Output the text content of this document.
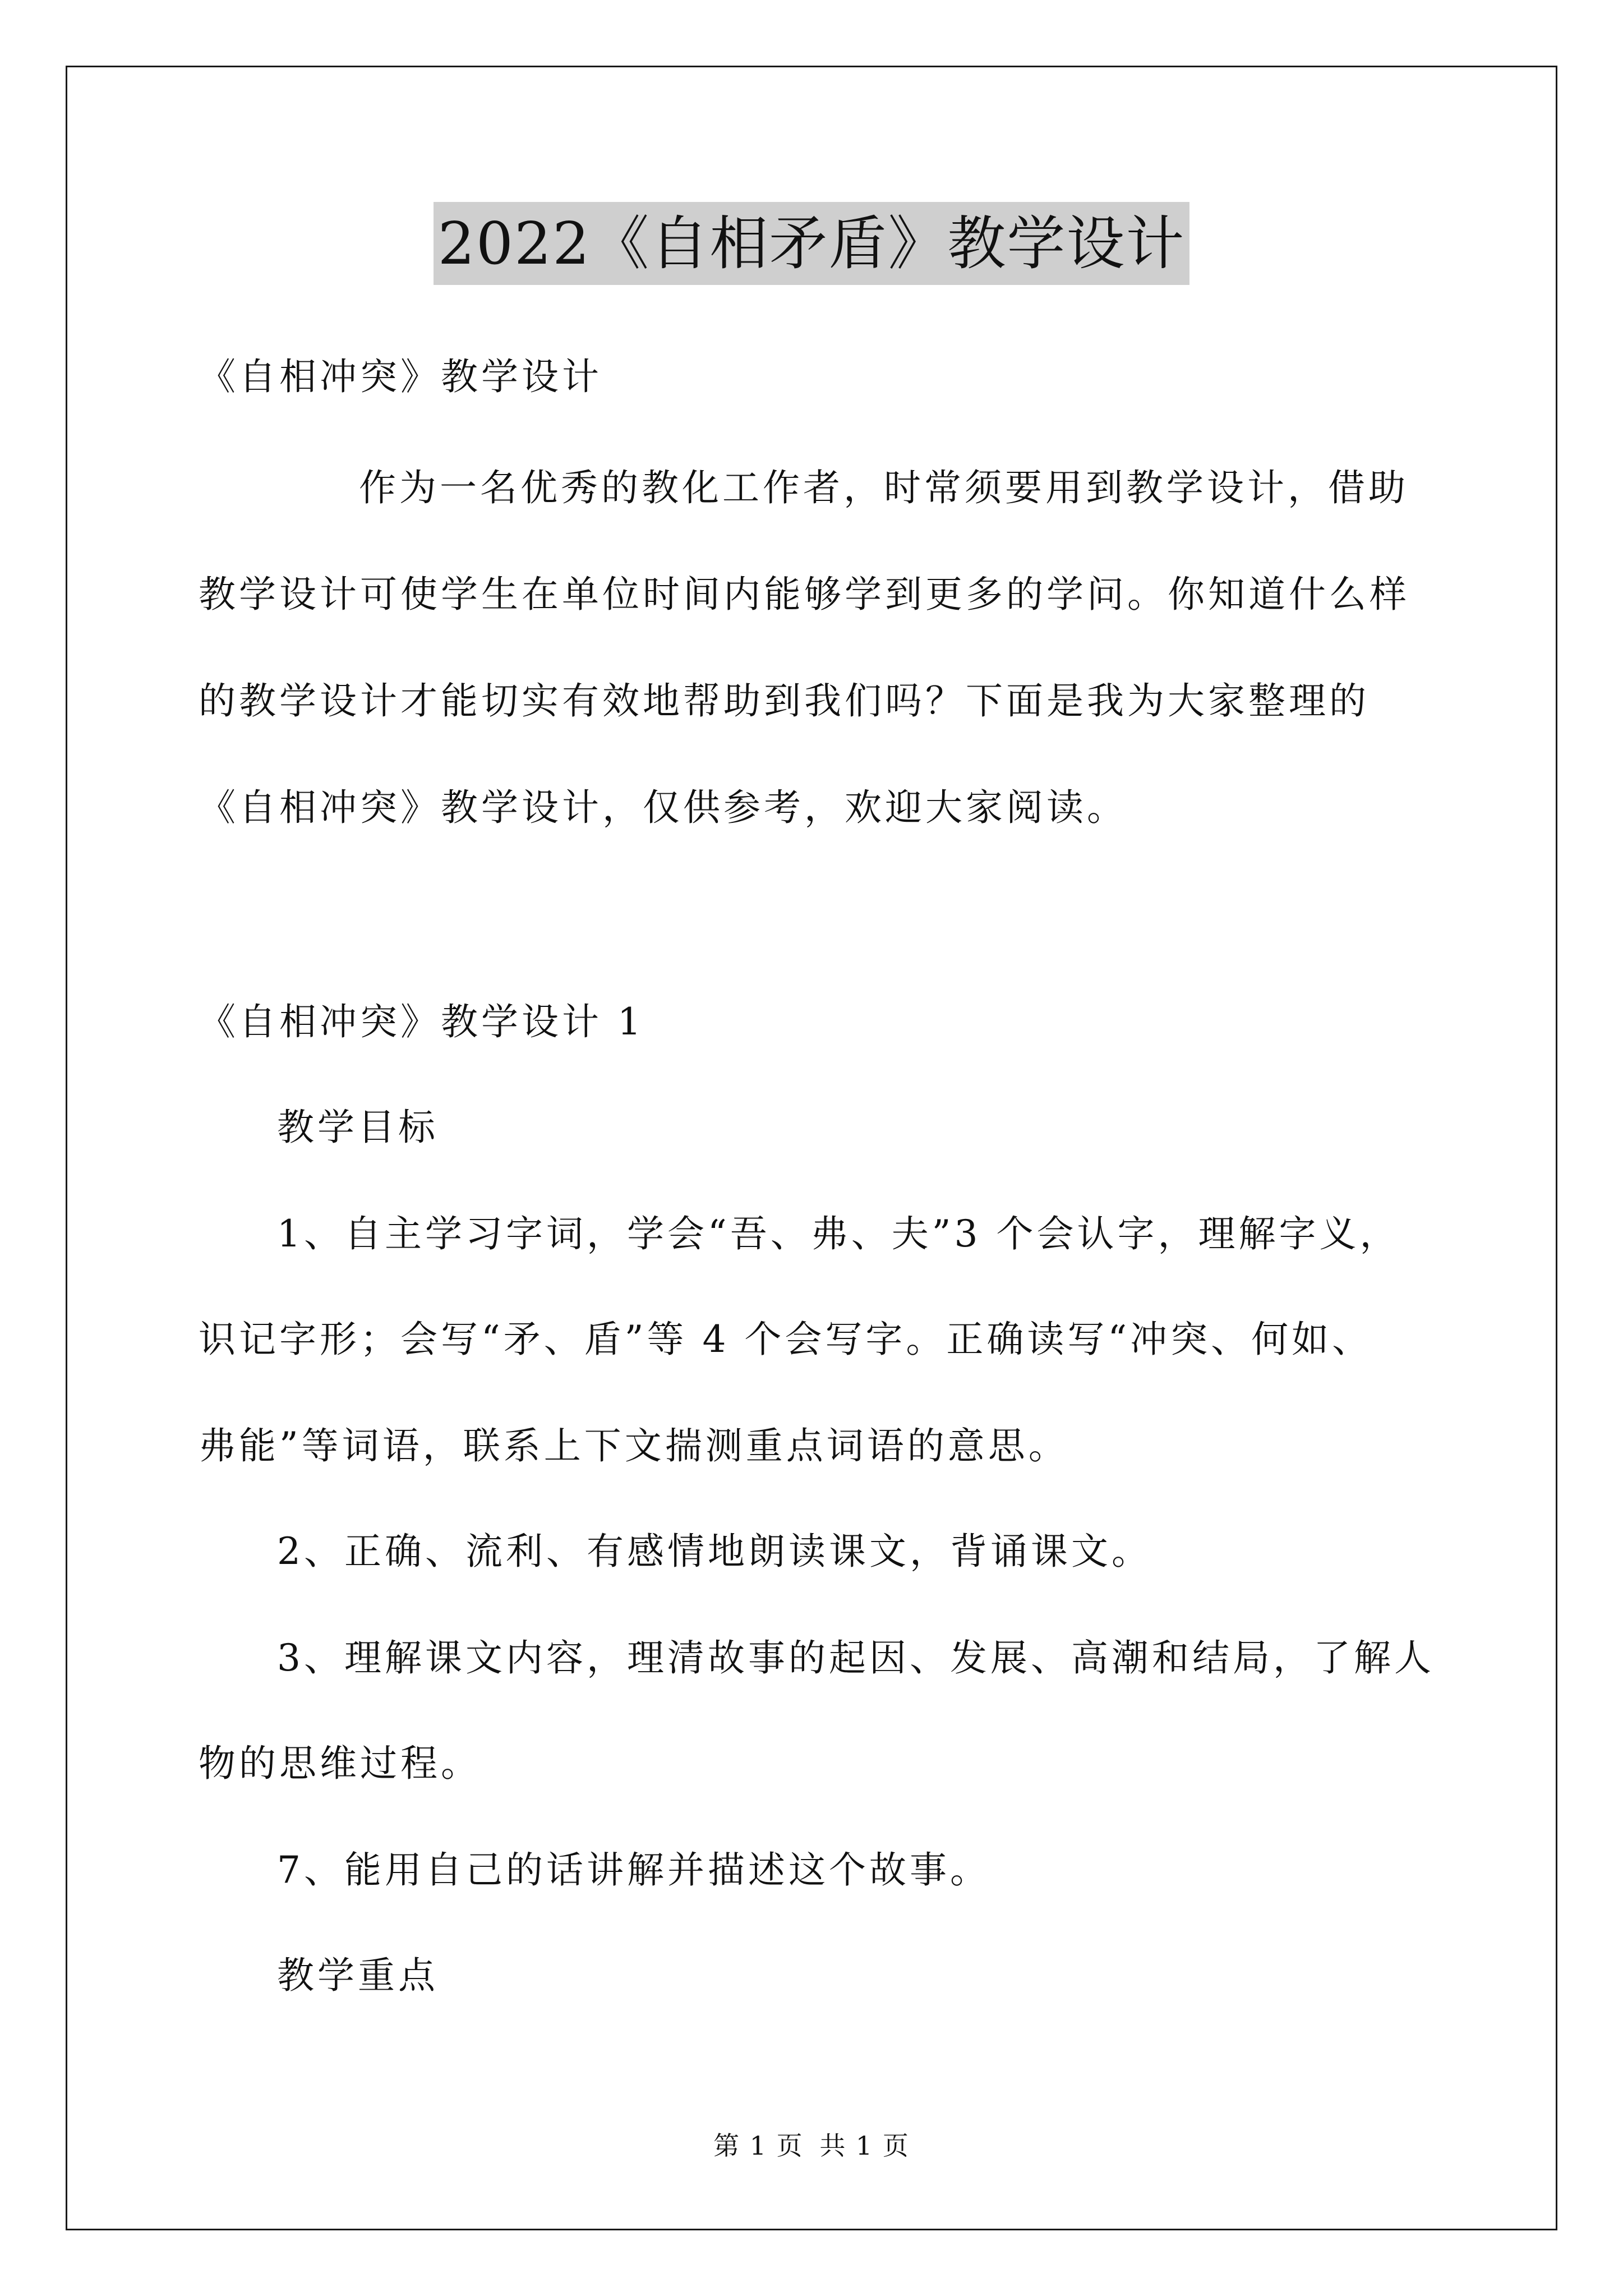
2022《自相矛盾》教学设计
《自相冲突》教学设计
作为一名优秀的教化工作者，时常须要用到教学设计，借助
教学设计可使学生在单位时间内能够学到更多的学问。你知道什么样
的教学设计才能切实有效地帮助到我们吗？下面是我为大家整理的
《自相冲突》教学设计，仅供参考，欢迎大家阅读。
《自相冲突》教学设计 1
教学目标
1、自主学习字词，学会“吾、弗、夫”3 个会认字，理解字义，
识记字形；会写“矛、盾”等 4 个会写字。正确读写“冲突、何如、
弗能”等词语，联系上下文揣测重点词语的意思。
2、正确、流利、有感情地朗读课文，背诵课文。
3、理解课文内容，理清故事的起因、发展、高潮和结局，了解人
物的思维过程。
7、能用自己的话讲解并描述这个故事。
教学重点
第 1 页 共 1 页
